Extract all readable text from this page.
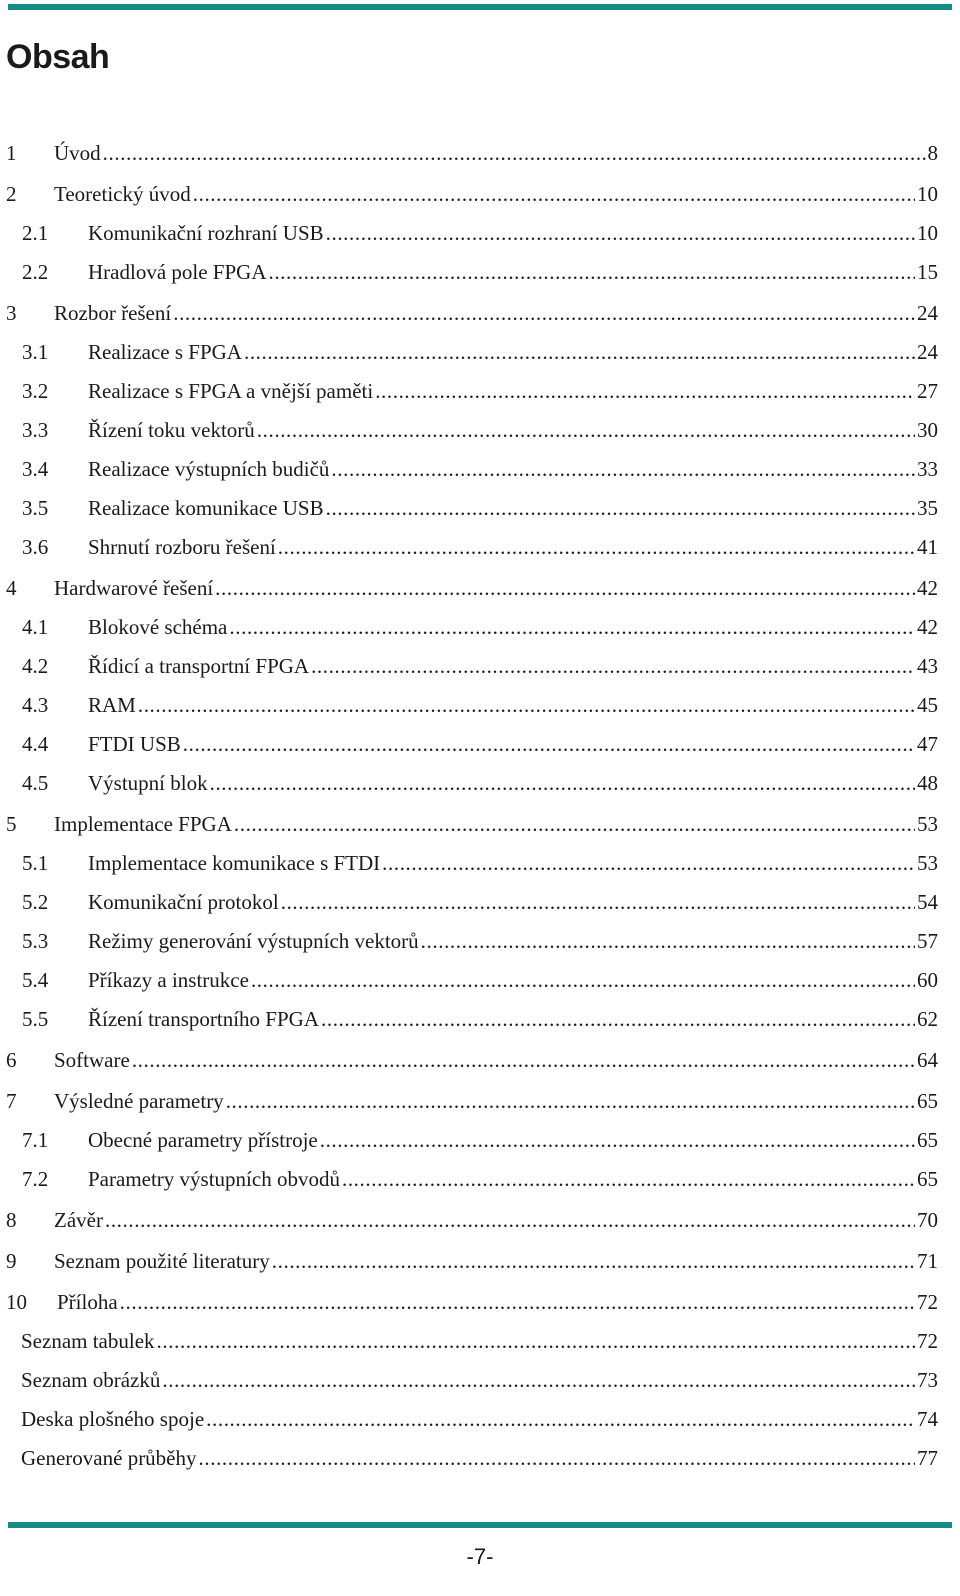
Obsah
1	Úvod .....	8
2	Teoretický úvod .....	10
2.1	Komunikační rozhraní USB .....	10
2.2	Hradlová pole FPGA .....	15
3	Rozbor řešení .....	24
3.1	Realizace s FPGA .....	24
3.2	Realizace s FPGA a vnější paměti .....	27
3.3	Řízení toku vektorů .....	30
3.4	Realizace výstupních budičů .....	33
3.5	Realizace komunikace USB .....	35
3.6	Shrnutí rozboru řešení .....	41
4	Hardwarové řešení .....	42
4.1	Blokové schéma .....	42
4.2	Řídicí a transportní FPGA .....	43
4.3	RAM .....	45
4.4	FTDI USB .....	47
4.5	Výstupní blok .....	48
5	Implementace FPGA .....	53
5.1	Implementace komunikace s FTDI .....	53
5.2	Komunikační protokol .....	54
5.3	Režimy generování výstupních vektorů .....	57
5.4	Příkazy a instrukce .....	60
5.5	Řízení transportního FPGA .....	62
6	Software .....	64
7	Výsledné parametry .....	65
7.1	Obecné parametry přístroje .....	65
7.2	Parametry výstupních obvodů .....	65
8	Závěr .....	70
9	Seznam použité literatury .....	71
10	Příloha .....	72
Seznam tabulek .....	72
Seznam obrázků .....	73
Deska plošného spoje .....	74
Generované průběhy .....	77
-7-
